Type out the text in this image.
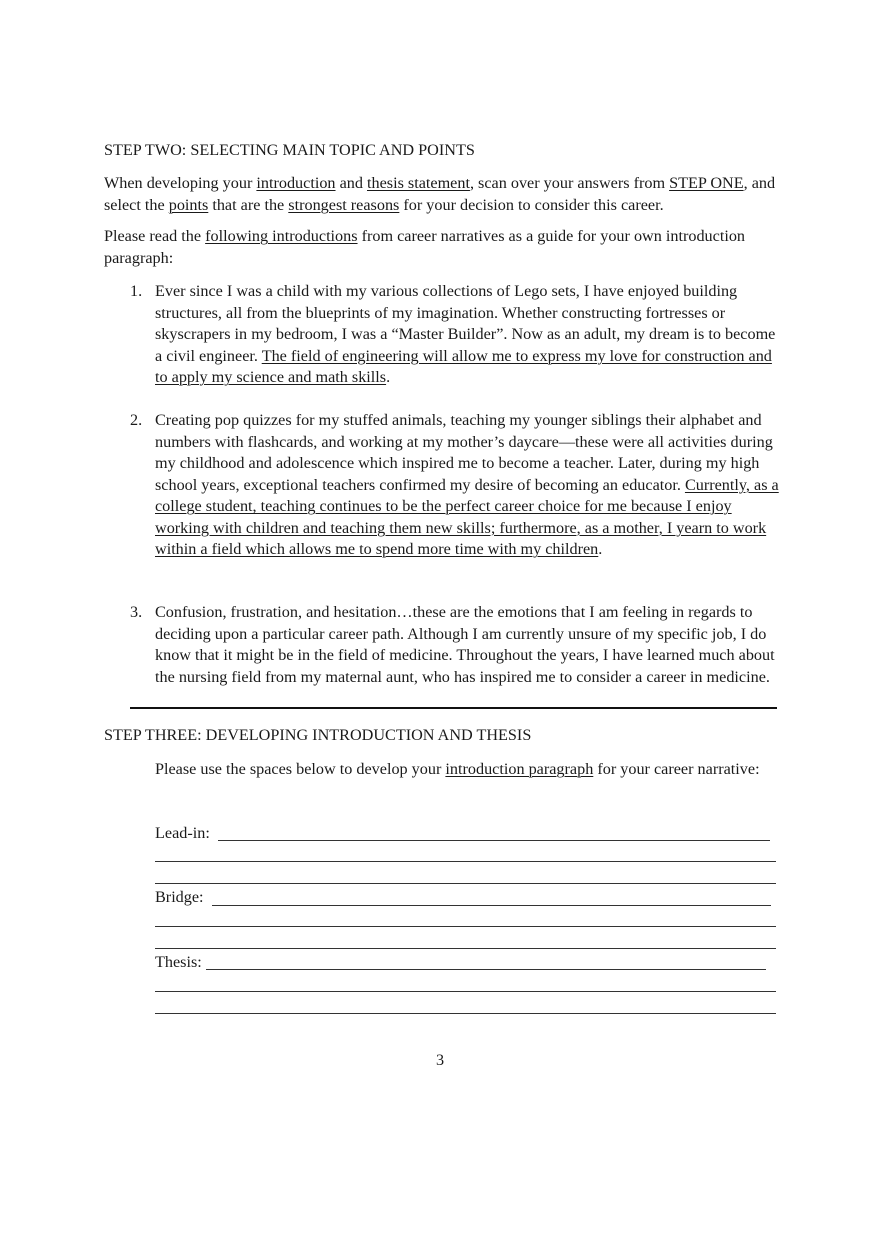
STEP TWO: SELECTING MAIN TOPIC AND POINTS
When developing your introduction and thesis statement, scan over your answers from STEP ONE, and select the points that are the strongest reasons for your decision to consider this career.
Please read the following introductions from career narratives as a guide for your own introduction paragraph:
1. Ever since I was a child with my various collections of Lego sets, I have enjoyed building structures, all from the blueprints of my imagination. Whether constructing fortresses or skyscrapers in my bedroom, I was a “Master Builder”. Now as an adult, my dream is to become a civil engineer. The field of engineering will allow me to express my love for construction and to apply my science and math skills.
2. Creating pop quizzes for my stuffed animals, teaching my younger siblings their alphabet and numbers with flashcards, and working at my mother’s daycare—these were all activities during my childhood and adolescence which inspired me to become a teacher. Later, during my high school years, exceptional teachers confirmed my desire of becoming an educator. Currently, as a college student, teaching continues to be the perfect career choice for me because I enjoy working with children and teaching them new skills; furthermore, as a mother, I yearn to work within a field which allows me to spend more time with my children.
3. Confusion, frustration, and hesitation…these are the emotions that I am feeling in regards to deciding upon a particular career path. Although I am currently unsure of my specific job, I do know that it might be in the field of medicine. Throughout the years, I have learned much about the nursing field from my maternal aunt, who has inspired me to consider a career in medicine.
STEP THREE: DEVELOPING INTRODUCTION AND THESIS
Please use the spaces below to develop your introduction paragraph for your career narrative:
Lead-in:
Bridge:
Thesis:
3
